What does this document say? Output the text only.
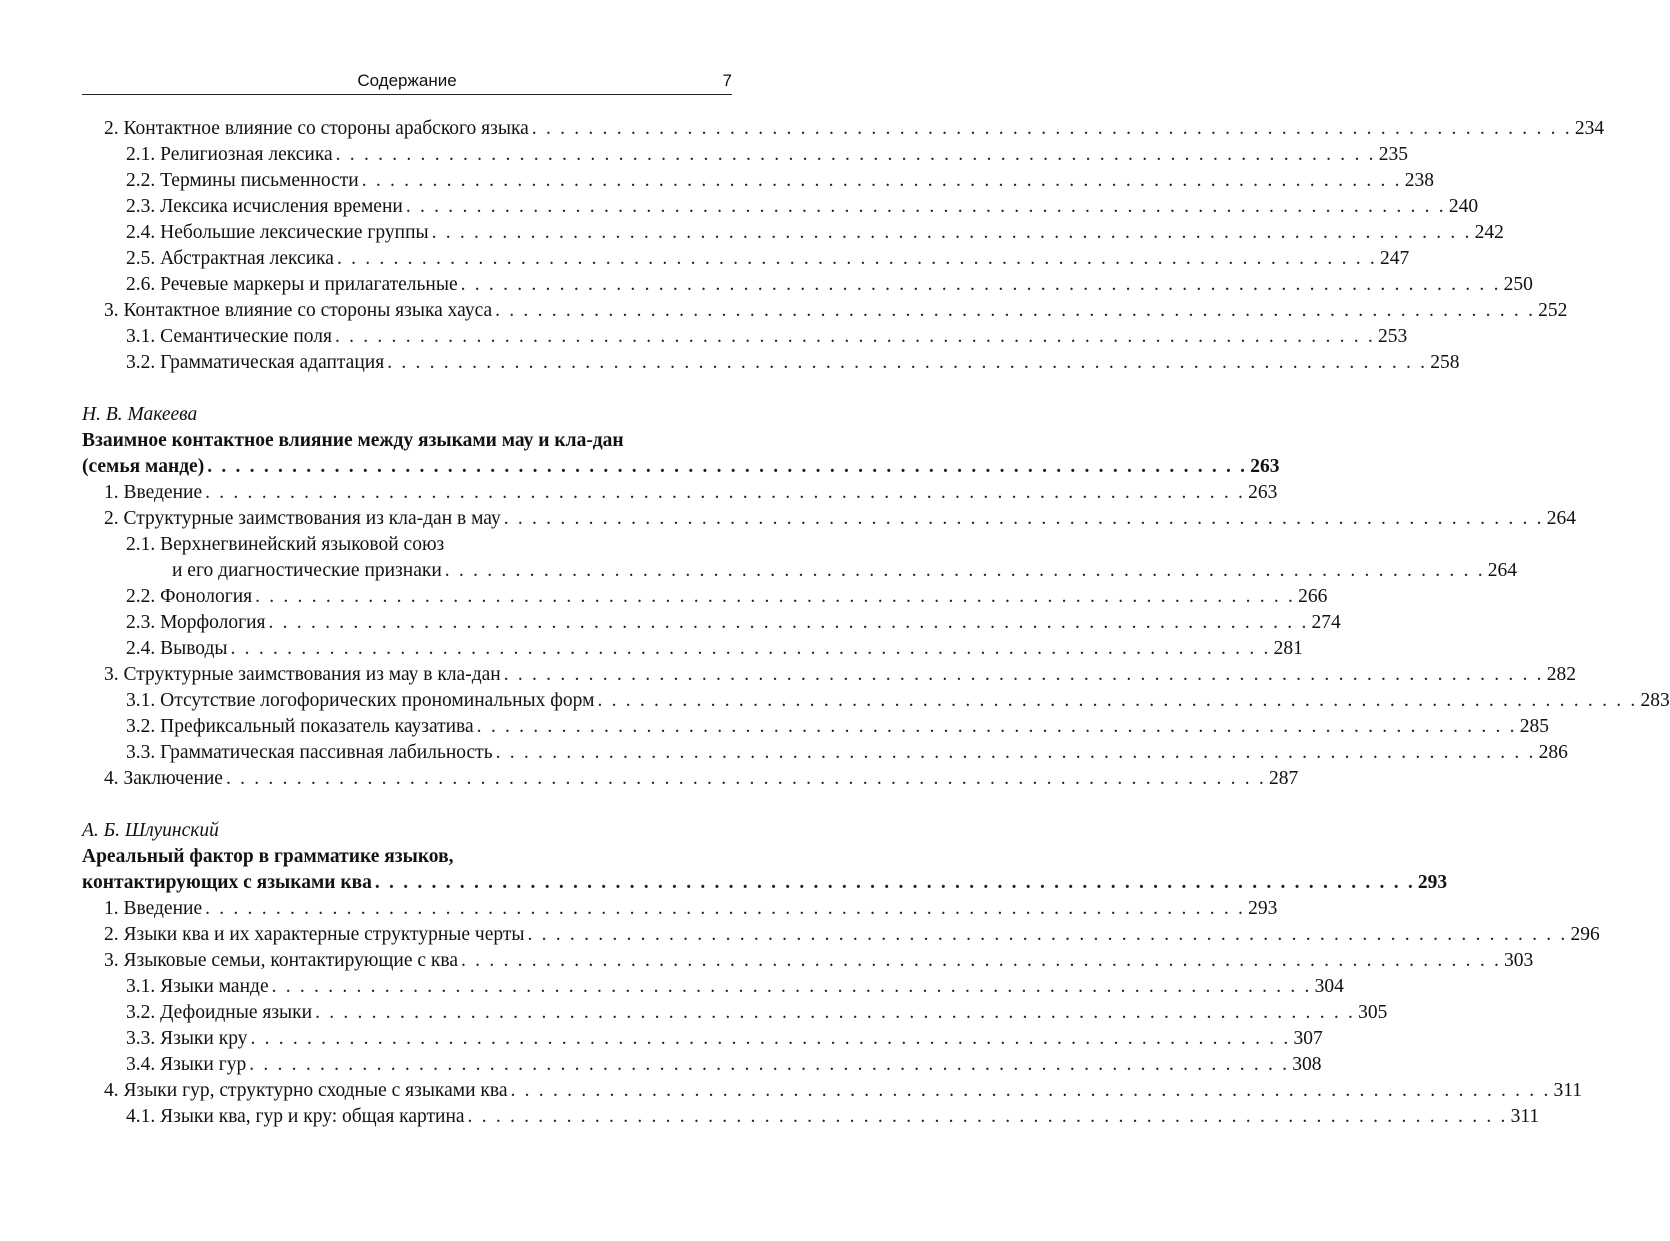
Содержание	7
2. Контактное влияние со стороны арабского языка . . . . . . . . . . . . . . . . . . . . . . . . . . . . . . . . . . . . . . . . . . . . . . . . . . . . . . . . . . . . . . . . . . . . . . . . . . 234
2.1. Религиозная лексика . . . . . . . . . . . . . . . . . . . . . . . . . . . . . . . . . . . . . . . . . . . . . . . . . . . . . . . . . . . . . . . . . . . . . . . . . . 235
2.2. Термины письменности . . . . . . . . . . . . . . . . . . . . . . . . . . . . . . . . . . . . . . . . . . . . . . . . . . . . . . . . . . . . . . . . . . . . . . . . . . 238
2.3. Лексика исчисления времени . . . . . . . . . . . . . . . . . . . . . . . . . . . . . . . . . . . . . . . . . . . . . . . . . . . . . . . . . . . . . . . . . . . . . . . . . . 240
2.4. Небольшие лексические группы . . . . . . . . . . . . . . . . . . . . . . . . . . . . . . . . . . . . . . . . . . . . . . . . . . . . . . . . . . . . . . . . . . . . . . . . . . 242
2.5. Абстрактная лексика . . . . . . . . . . . . . . . . . . . . . . . . . . . . . . . . . . . . . . . . . . . . . . . . . . . . . . . . . . . . . . . . . . . . . . . . . . 247
2.6. Речевые маркеры и прилагательные . . . . . . . . . . . . . . . . . . . . . . . . . . . . . . . . . . . . . . . . . . . . . . . . . . . . . . . . . . . . . . . . . . . . . . . . . . 250
3. Контактное влияние со стороны языка хауса . . . . . . . . . . . . . . . . . . . . . . . . . . . . . . . . . . . . . . . . . . . . . . . . . . . . . . . . . . . . . . . . . . . . . . . . . . 252
3.1. Семантические поля . . . . . . . . . . . . . . . . . . . . . . . . . . . . . . . . . . . . . . . . . . . . . . . . . . . . . . . . . . . . . . . . . . . . . . . . . . 253
3.2. Грамматическая адаптация . . . . . . . . . . . . . . . . . . . . . . . . . . . . . . . . . . . . . . . . . . . . . . . . . . . . . . . . . . . . . . . . . . . . . . . . . . 258
Н. В. Макеева
Взаимное контактное влияние между языками мау и кла-дан
(семья манде) . . . . . . . . . . . . . . . . . . . . . . . . . . . . . . . . . . . . . . . . . . . . . . . . . . . . . . . . . . . . . . . . . . . . . . . . . . 263
1. Введение . . . . . . . . . . . . . . . . . . . . . . . . . . . . . . . . . . . . . . . . . . . . . . . . . . . . . . . . . . . . . . . . . . . . . . . . . . 263
2. Структурные заимствования из кла-дан в мау . . . . . . . . . . . . . . . . . . . . . . . . . . . . . . . . . . . . . . . . . . . . . . . . . . . . . . . . . . . . . . . . . . . . . . . . . . 264
2.1. Верхнегвинейский языковой союз
и его диагностические признаки . . . . . . . . . . . . . . . . . . . . . . . . . . . . . . . . . . . . . . . . . . . . . . . . . . . . . . . . . . . . . . . . . . . . . . . . . . 264
2.2. Фонология . . . . . . . . . . . . . . . . . . . . . . . . . . . . . . . . . . . . . . . . . . . . . . . . . . . . . . . . . . . . . . . . . . . . . . . . . . 266
2.3. Морфология . . . . . . . . . . . . . . . . . . . . . . . . . . . . . . . . . . . . . . . . . . . . . . . . . . . . . . . . . . . . . . . . . . . . . . . . . . 274
2.4. Выводы . . . . . . . . . . . . . . . . . . . . . . . . . . . . . . . . . . . . . . . . . . . . . . . . . . . . . . . . . . . . . . . . . . . . . . . . . . 281
3. Структурные заимствования из мау в кла-дан . . . . . . . . . . . . . . . . . . . . . . . . . . . . . . . . . . . . . . . . . . . . . . . . . . . . . . . . . . . . . . . . . . . . . . . . . . 282
3.1. Отсутствие логофорических прономинальных форм . . . . . . . . . . . . . . . . . . . . . . . . . . . . . . . . . . . . . . . . . . . . . . . . . . . . . . . . . . . . . . . . . . . . . . . . . . 283
3.2. Префиксальный показатель каузатива . . . . . . . . . . . . . . . . . . . . . . . . . . . . . . . . . . . . . . . . . . . . . . . . . . . . . . . . . . . . . . . . . . . . . . . . . . 285
3.3. Грамматическая пассивная лабильность . . . . . . . . . . . . . . . . . . . . . . . . . . . . . . . . . . . . . . . . . . . . . . . . . . . . . . . . . . . . . . . . . . . . . . . . . . 286
4. Заключение . . . . . . . . . . . . . . . . . . . . . . . . . . . . . . . . . . . . . . . . . . . . . . . . . . . . . . . . . . . . . . . . . . . . . . . . . . 287
А. Б. Шлуинский
Ареальный фактор в грамматике языков,
контактирующих с языками ква . . . . . . . . . . . . . . . . . . . . . . . . . . . . . . . . . . . . . . . . . . . . . . . . . . . . . . . . . . . . . . . . . . . . . . . . . . 293
1. Введение . . . . . . . . . . . . . . . . . . . . . . . . . . . . . . . . . . . . . . . . . . . . . . . . . . . . . . . . . . . . . . . . . . . . . . . . . . 293
2. Языки ква и их характерные структурные черты . . . . . . . . . . . . . . . . . . . . . . . . . . . . . . . . . . . . . . . . . . . . . . . . . . . . . . . . . . . . . . . . . . . . . . . . . . 296
3. Языковые семьи, контактирующие с ква . . . . . . . . . . . . . . . . . . . . . . . . . . . . . . . . . . . . . . . . . . . . . . . . . . . . . . . . . . . . . . . . . . . . . . . . . . 303
3.1. Языки манде . . . . . . . . . . . . . . . . . . . . . . . . . . . . . . . . . . . . . . . . . . . . . . . . . . . . . . . . . . . . . . . . . . . . . . . . . . 304
3.2. Дефоидные языки . . . . . . . . . . . . . . . . . . . . . . . . . . . . . . . . . . . . . . . . . . . . . . . . . . . . . . . . . . . . . . . . . . . . . . . . . . 305
3.3. Языки кру . . . . . . . . . . . . . . . . . . . . . . . . . . . . . . . . . . . . . . . . . . . . . . . . . . . . . . . . . . . . . . . . . . . . . . . . . . 307
3.4. Языки гур . . . . . . . . . . . . . . . . . . . . . . . . . . . . . . . . . . . . . . . . . . . . . . . . . . . . . . . . . . . . . . . . . . . . . . . . . . 308
4. Языки гур, структурно сходные с языками ква . . . . . . . . . . . . . . . . . . . . . . . . . . . . . . . . . . . . . . . . . . . . . . . . . . . . . . . . . . . . . . . . . . . . . . . . . . 311
4.1. Языки ква, гур и кру: общая картина . . . . . . . . . . . . . . . . . . . . . . . . . . . . . . . . . . . . . . . . . . . . . . . . . . . . . . . . . . . . . . . . . . . . . . . . . . 311
